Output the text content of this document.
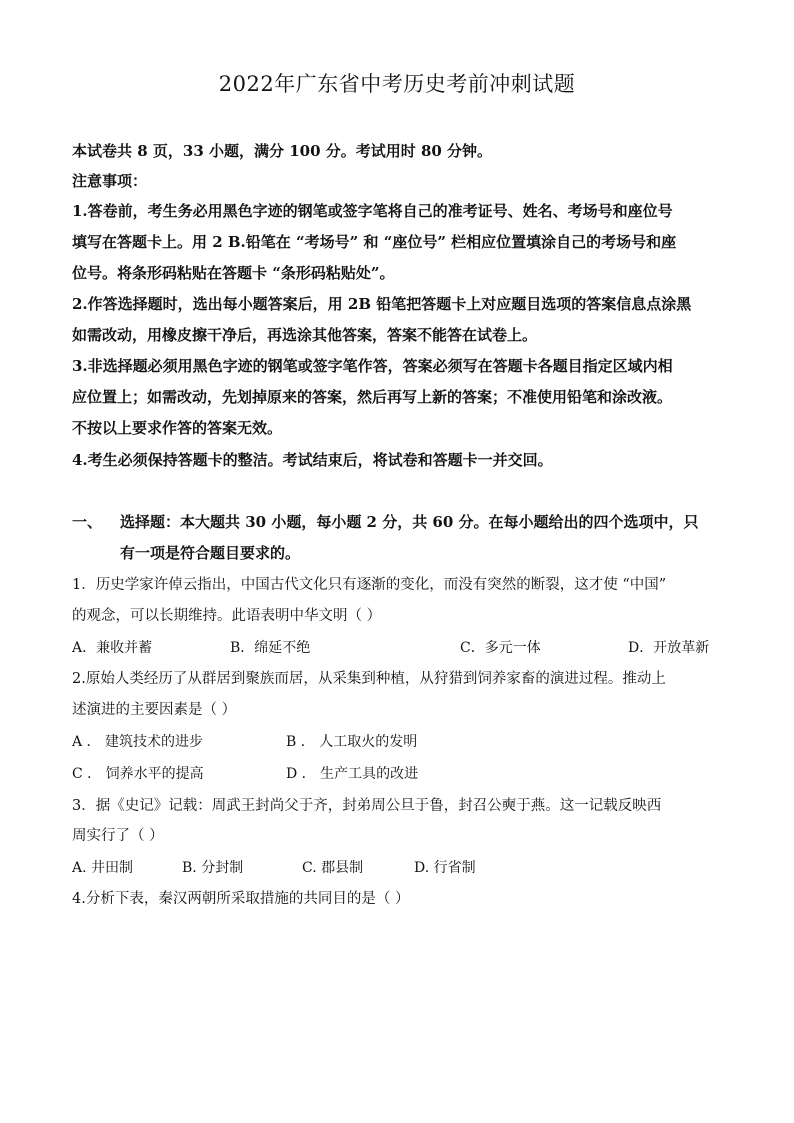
2022年广东省中考历史考前冲刺试题
本试卷共 8 页，33 小题，满分 100 分。考试用时 80 分钟。
注意事项：
1.答卷前，考生务必用黑色字迹的钢笔或签字笔将自己的准考证号、姓名、考场号和座位号
填写在答题卡上。用 2 B.铅笔在 “考场号” 和 “座位号” 栏相应位置填涂自己的考场号和座
位号。将条形码粘贴在答题卡 “条形码粘贴处”。
2.作答选择题时，选出每小题答案后，用 2B 铅笔把答题卡上对应题目选项的答案信息点涂黑
如需改动，用橡皮擦干净后，再选涂其他答案，答案不能答在试卷上。
3.非选择题必须用黑色字迹的钢笔或签字笔作答，答案必须写在答题卡各题目指定区域内相
应位置上；如需改动，先划掉原来的答案，然后再写上新的答案；不准使用铅笔和涂改液。
不按以上要求作答的答案无效。
4.考生必须保持答题卡的整洁。考试结束后，将试卷和答题卡一并交回。
一、 选择题：本大题共 30 小题，每小题 2 分，共 60 分。在每小题给出的四个选项中，只
有一项是符合题目要求的。
1．历史学家许倬云指出，中国古代文化只有逐渐的变化，而没有突然的断裂，这才使 “中国”
的观念，可以长期维持。此语表明中华文明（ ）
A．兼收并蓄	B．绵延不绝	C．多元一体	D．开放革新
2.原始人类经历了从群居到聚族而居，从采集到种植，从狩猎到饲养家畜的演进过程。推动上
述演进的主要因素是（ ）
A ． 建筑技术的进步	B ． 人工取火的发明
C ． 饲养水平的提高	D ． 生产工具的改进
3．据《史记》记载：周武王封尚父于齐，封弟周公旦于鲁，封召公奭于燕。这一记载反映西
周实行了（ ）
A. 井田制	B. 分封制	C. 郡县制	D. 行省制
4.分析下表，秦汉两朝所采取措施的共同目的是（ ）
